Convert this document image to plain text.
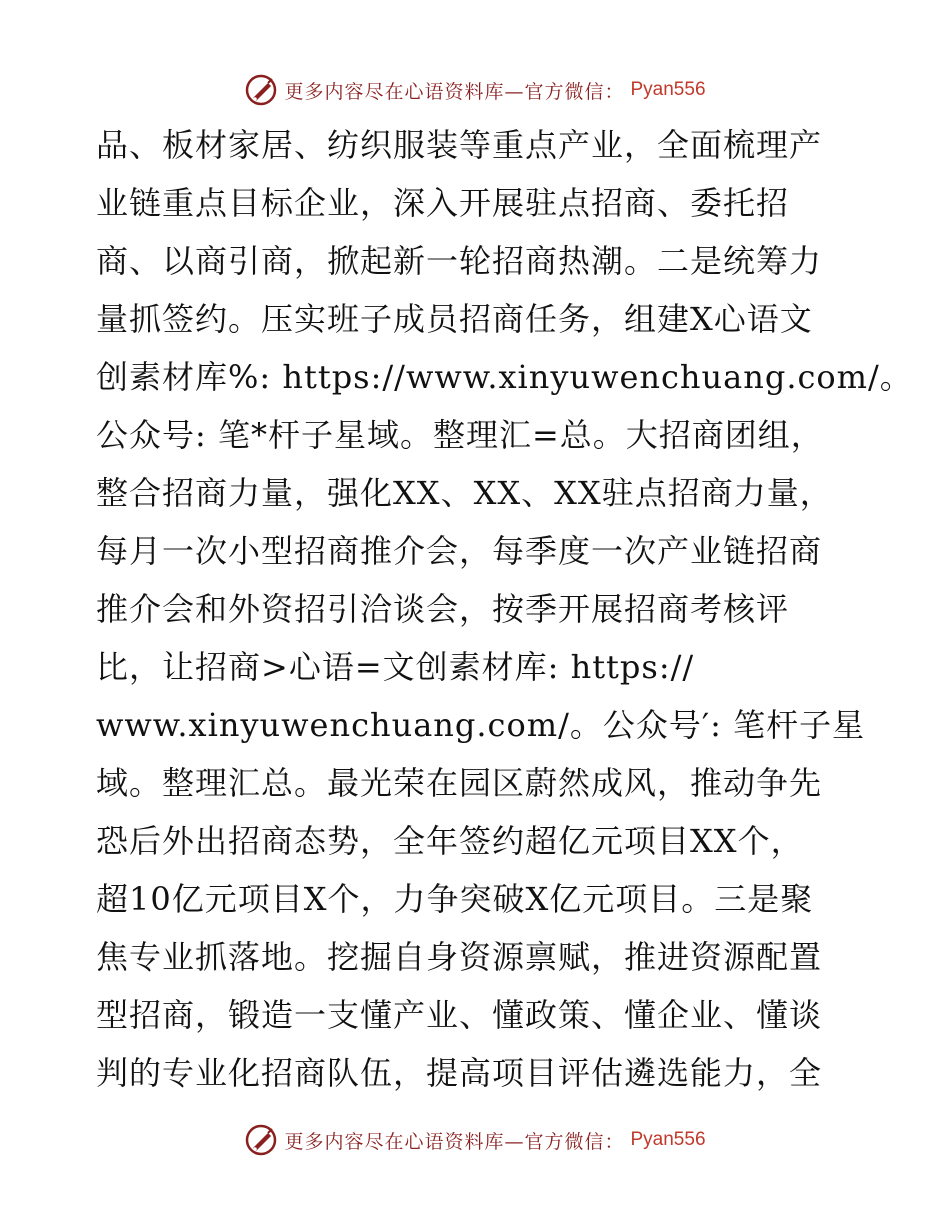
更多内容尽在心语资料库—官方微信： Pyan556
品、板材家居、纺织服装等重点产业，全面梳理产
业链重点目标企业，深入开展驻点招商、委托招
商、以商引商，掀起新一轮招商热潮。二是统筹力
量抓签约。压实班子成员招商任务，组建X心语文
创素材库%: https://www.xinyuwenchuang.com/。
公众号: 笔*杆子星域。整理汇=总。大招商团组，
整合招商力量，强化XX、XX、XX驻点招商力量，
每月一次小型招商推介会，每季度一次产业链招商
推介会和外资招引洽谈会，按季开展招商考核评
比，让招商>心语=文创素材库: https://
www.xinyuwenchuang.com/。公众号′: 笔杆子星
域。整理汇总。最光荣在园区蔚然成风，推动争先
恐后外出招商态势，全年签约超亿元项目XX个，
超10亿元项目X个，力争突破X亿元项目。三是聚
焦专业抓落地。挖掘自身资源禀赋，推进资源配置
型招商，锻造一支懂产业、懂政策、懂企业、懂谈
判的专业化招商队伍，提高项目评估遴选能力，全
更多内容尽在心语资料库—官方微信： Pyan556
